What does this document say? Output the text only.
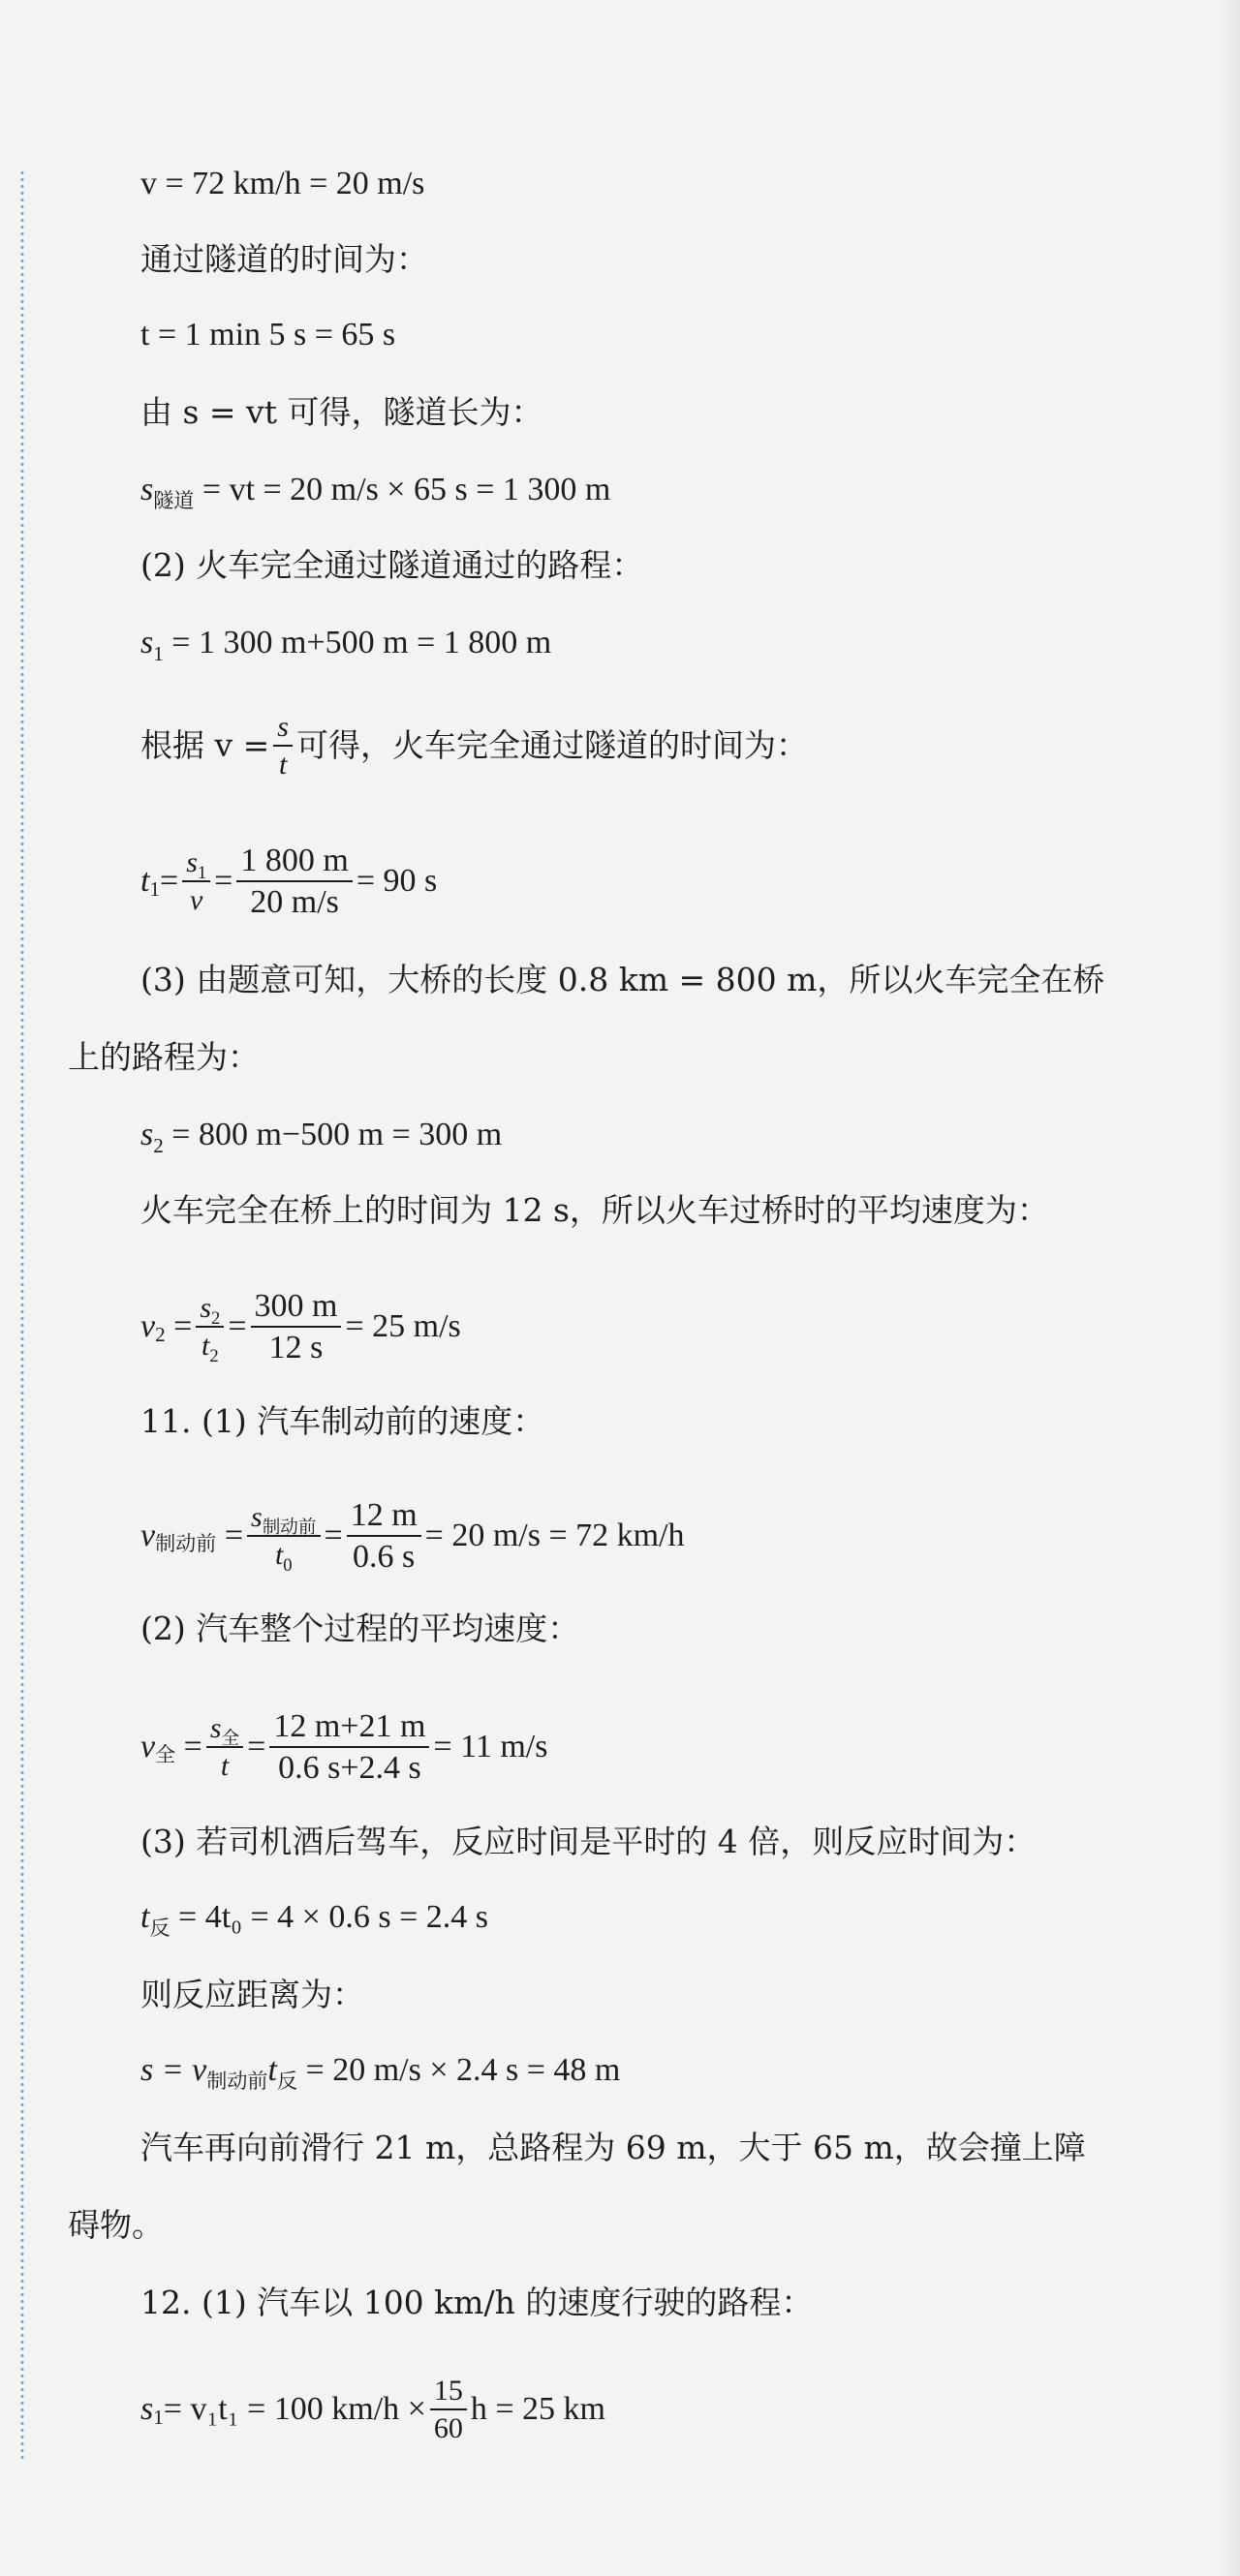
v = 72 km/h = 20 m/s
通过隧道的时间为：
t = 1 min 5 s = 65 s
由 s = vt 可得，隧道长为：
$s_{隧道}$ = vt = 20 m/s × 65 s = 1 300 m
(2) 火车完全通过隧道通过的路程：
$s_1 = 1$ 300 m+500 m = 1 800 m
根据 $v = \frac{s}{t}$ 可得，火车完全通过隧道的时间为：
t $1 = \frac{s_1}{v} = \frac{1 800 m}{20 m/s} = 90$ s
(3) 由题意可知，大桥的长度 0.8 km = 800 m，所以火车完全在桥
上的路程为：
$s_2 = 800$ m−500 m = 300 m
火车完全在桥上的时间为 12 s，所以火车过桥时的平均速度为：
v $2 = \frac{s_2}{t_2} = \frac{300 m}{12 s} = 25$ m/s
11. (1) 汽车制动前的速度：
v 制动前 = $\frac{s_{制动前}}{t_0} = \frac{12 m}{0.6 s} = 20$ m/s = 72 km/h
(2) 汽车整个过程的平均速度：
v 全 = $\frac{s_全}{t} = \frac{12 m+21 m}{0.6 s+2.4 s} = 11$ m/s
(3) 若司机酒后驾车，反应时间是平时的 4 倍，则反应时间为：
$t_反 = 4t_0 = 4 \times 0.6$ s = 2.4 s
则反应距离为：
$s = v_{制动前}t_反 = 20$ m/s × 2.4 s = 48 m
汽车再向前滑行 21 m，总路程为 69 m，大于 65 m，故会撞上障
碍物。
12. (1) 汽车以 100 km/h 的速度行驶的路程：
s 1 = v₁t₁ = 100 $km/h \times \frac{15}{60}$ h = 25 km
